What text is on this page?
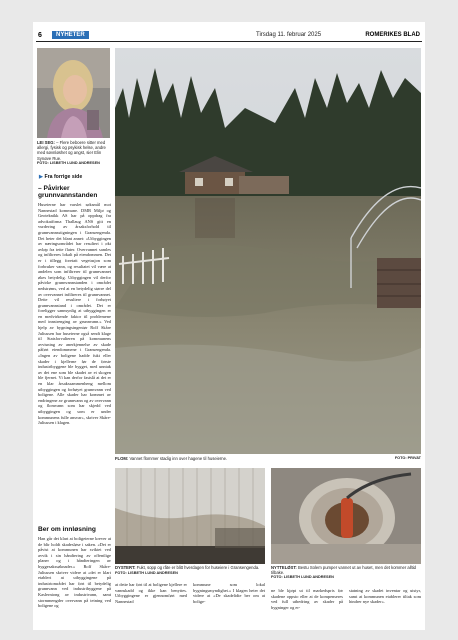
6	NYHETER	Tirsdag 11. februar 2025	ROMERIKES BLAD
LEI SEG: – Flere beboere sitter med allergi, fysisk og psykisk helse, andre med søvnløshet og angst, sier Elin Synøve Rue.
FOTO: LISBETH LUND ANDRESEN
▶ Fra forrige side
– Påvirker grunnvannstanden
Huseierne har varslet søksmål mot Nannestad kommune. DMR Miljø og Geoteknikk AS har på oppdrag fra advokatfirma Thallaug ANS gitt en vurdering av årsaksforhold til grunnvannsstigningen i Gransengenda. Det heter det blant annet: «Utbyggingen av næringsområdet har resultert i økt avløp fra tette flater. Overvannet samles og infiltreres lokalt på eiendommen. Det er i tillegg foretatt vegetasjon som forbruker vann, og resultatet vil være at andelen som infiltrerer til grunnvannet økes betydelig. Utbyggingen vil derfor påvirke grunnvannstanden i området nedstrøms, ved at en betydelig større del av overvannet infiltreres til grunnvannet. Dette vil resultere i forhøyet grunnvannstand i området. Det er foreligger sannsynlig at utbyggingen er en medvirkende faktor til problemene med innstrenging av grunnvann.» Ved hjelp av bygningsingeniør Rolf Skåre Juliussen har huseierne også sendt klage til Statsforvalteren på kommunens avvisning av anerkjennelse av skade påført eiendommene i Gransengenda. «Ingen av boligene hadde fukt eller skader i kjellerne før de første industribyggene ble bygget, med unntak av det ene som ble skadet av et skogen ble fjernet. Vi kan derfor fastslå at det er en klar årsakssammenheng mellom utbyggingen og forhøyet grunnvann ved boligene. Alle skader har kommet av endringene av grunnvann og av overvann og flomvann som har skjedd ved utbyggingen og som er under kommunens fulle ansvar», skriver Skåre-Juliussen i klagen.
Ber om innløsning
Han går det klart at boligeierne krever at de blir holdt skadesløse i saken. «Det er påvist at kommunen har sviktet ved avvik i sin håndtering av offentlige planer og i håndteringen av byggesakssøknader.» Rolf Skåre-Juliussen skriver videre at «det er klart etablert at utbyggingene på industriområdet har ført til betydelig grunnvann ved industribyggene på Kaslerniong av industrivann, samt stormmengder overvann på tetning ved boligene og
FLOM: Vannet flommer stadig inn over hagene til huseierne.	FOTO: PRIVAT
DYSTERT: Fukt, sopp og råte er blitt hverdagen for huseiere i Gransengenda. FOTO: LISBETH LUND ANDRESEN
NYTTELØST: Bestu Solem pumper vannet ut av huset, men det kommer alltid tilbake.
FOTO: LISBETH LUND ANDRESEN
at dette har ført til at boligene kjellere er vannskadd og ikke kan benyttes. Utbyggingene er gjennomført med Nannestad
kommune som lokal bygningsmyndighet.» I klagen heter det videre at «De skadelidte ber om at bolige-
ne ble kjøpt ut til markedspris før skadene oppsto eller at de kompenseres ved full utbedring av skader på bygninger og er-
statning av skadet inventar og utstyr, samt at kommunen etablerer tiltak som hindrer nye skader».
